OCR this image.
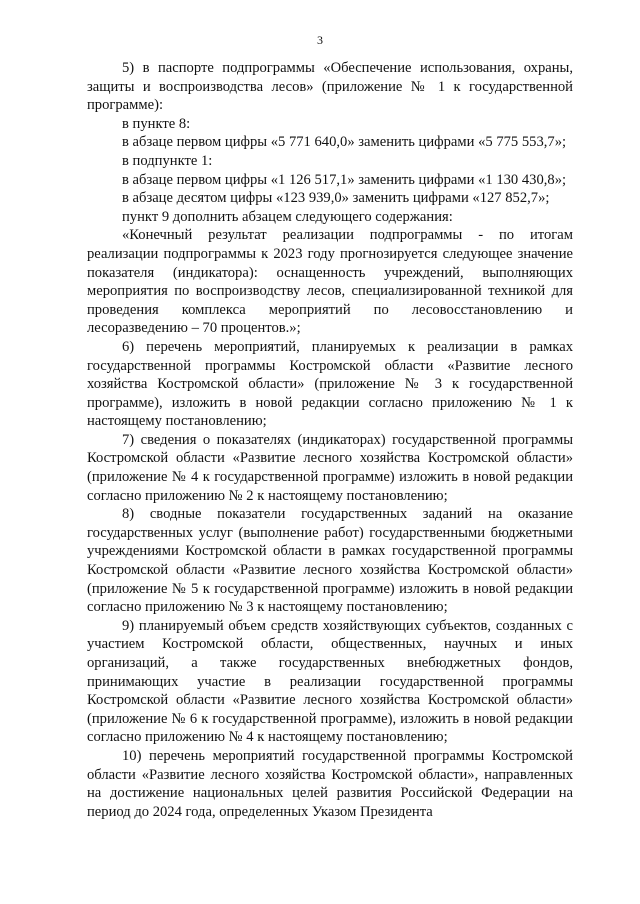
3

5) в паспорте подпрограммы «Обеспечение использования, охраны, защиты и воспроизводства лесов» (приложение № 1 к государственной программе):

в пункте 8:

в абзаце первом цифры «5 771 640,0» заменить цифрами «5 775 553,7»;

в подпункте 1:

в абзаце первом цифры «1 126 517,1» заменить цифрами «1 130 430,8»;

в абзаце десятом цифры «123 939,0» заменить цифрами «127 852,7»;

пункт 9 дополнить абзацем следующего содержания:

«Конечный результат реализации подпрограммы - по итогам реализации подпрограммы к 2023 году прогнозируется следующее значение показателя (индикатора): оснащенность учреждений, выполняющих мероприятия по воспроизводству лесов, специализированной техникой для проведения комплекса мероприятий по лесовосстановлению и лесоразведению – 70 процентов.»;

6) перечень мероприятий, планируемых к реализации в рамках государственной программы Костромской области «Развитие лесного хозяйства Костромской области» (приложение № 3 к государственной программе), изложить в новой редакции согласно приложению № 1 к настоящему постановлению;

7) сведения о показателях (индикаторах) государственной программы Костромской области «Развитие лесного хозяйства Костромской области» (приложение № 4 к государственной программе) изложить в новой редакции согласно приложению № 2 к настоящему постановлению;

8) сводные показатели государственных заданий на оказание государственных услуг (выполнение работ) государственными бюджетными учреждениями Костромской области в рамках государственной программы Костромской области «Развитие лесного хозяйства Костромской области» (приложение № 5 к государственной программе) изложить в новой редакции согласно приложению № 3 к настоящему постановлению;

9) планируемый объем средств хозяйствующих субъектов, созданных с участием Костромской области, общественных, научных и иных организаций, а также государственных внебюджетных фондов, принимающих участие в реализации государственной программы Костромской области «Развитие лесного хозяйства Костромской области» (приложение № 6 к государственной программе), изложить в новой редакции согласно приложению № 4 к настоящему постановлению;

10) перечень мероприятий государственной программы Костромской области «Развитие лесного хозяйства Костромской области», направленных на достижение национальных целей развития Российской Федерации на период до 2024 года, определенных Указом Президента
